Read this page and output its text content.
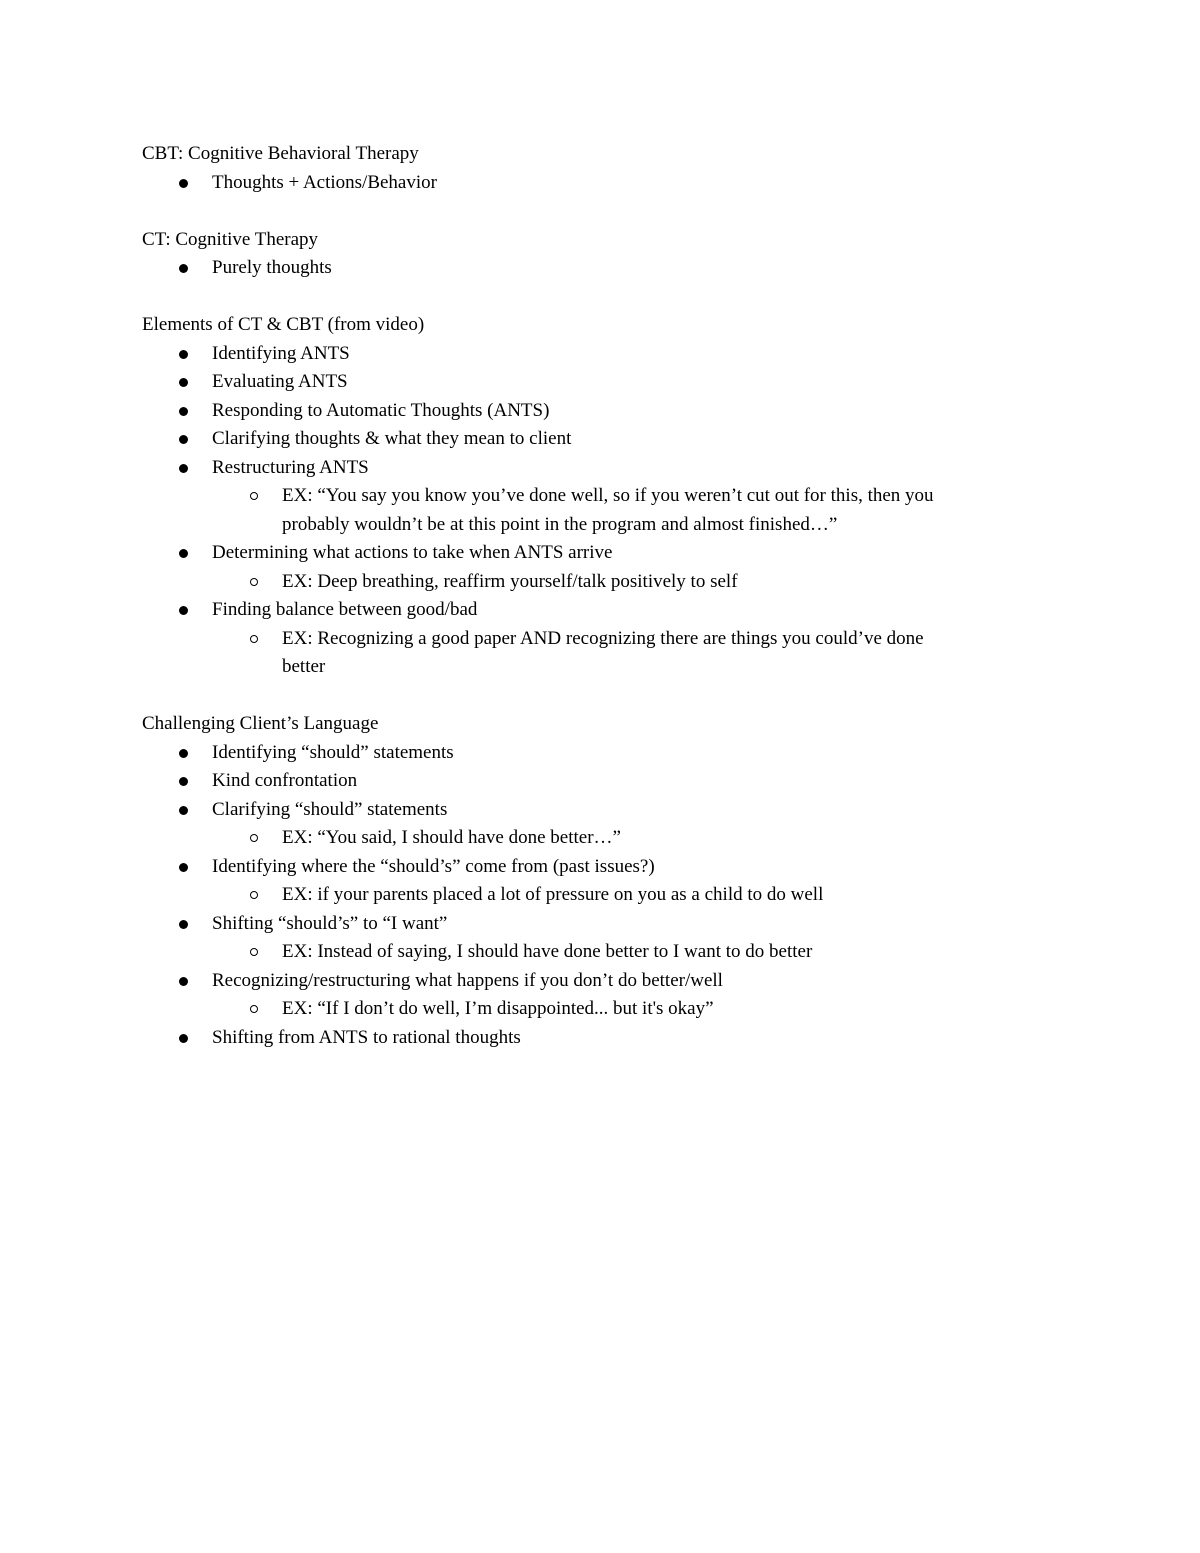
CBT: Cognitive Behavioral Therapy
Thoughts + Actions/Behavior
CT: Cognitive Therapy
Purely thoughts
Elements of CT & CBT (from video)
Identifying ANTS
Evaluating ANTS
Responding to Automatic Thoughts (ANTS)
Clarifying thoughts & what they mean to client
Restructuring ANTS
EX: “You say you know you’ve done well, so if you weren’t cut out for this, then you probably wouldn’t be at this point in the program and almost finished…”
Determining what actions to take when ANTS arrive
EX: Deep breathing, reaffirm yourself/talk positively to self
Finding balance between good/bad
EX: Recognizing a good paper AND recognizing there are things you could’ve done better
Challenging Client’s Language
Identifying “should” statements
Kind confrontation
Clarifying “should” statements
EX: “You said, I should have done better…”
Identifying where the “should’s” come from (past issues?)
EX: if your parents placed a lot of pressure on you as a child to do well
Shifting “should’s” to “I want”
EX: Instead of saying, I should have done better to I want to do better
Recognizing/restructuring what happens if you don’t do better/well
EX: “If I don’t do well, I’m disappointed... but it's okay”
Shifting from ANTS to rational thoughts
